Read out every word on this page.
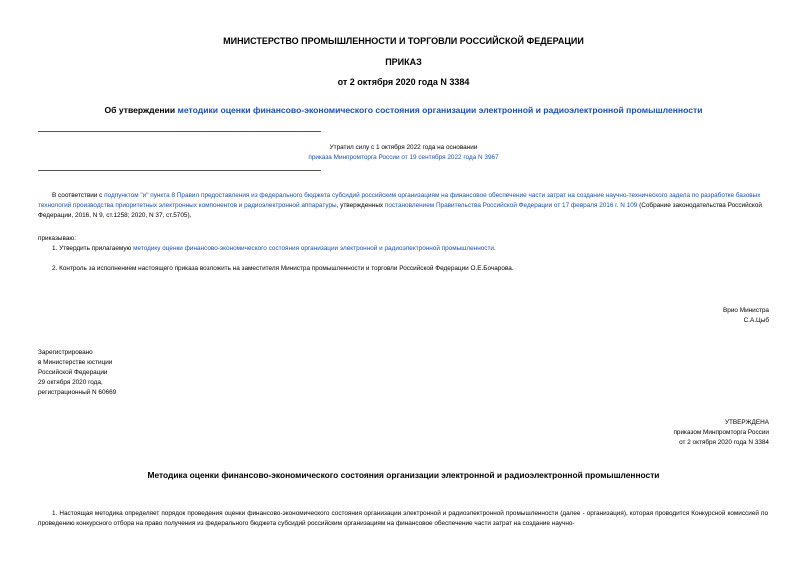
МИНИСТЕРСТВО ПРОМЫШЛЕННОСТИ И ТОРГОВЛИ РОССИЙСКОЙ ФЕДЕРАЦИИ
ПРИКАЗ
от 2 октября 2020 года N 3384
Об утверждении методики оценки финансово-экономического состояния организации электронной и радиоэлектронной промышленности
Утратил силу с 1 октября 2022 года на основании
приказа Минпромторга России от 19 сентября 2022 года N 3967
В соответствии с подпунктом "и" пункта 8 Правил предоставления из федерального бюджета субсидий российским организациям на финансовое обеспечение части затрат на создание научно-технического задела по разработке базовых технологий производства приоритетных электронных компонентов и радиоэлектронной аппаратуры, утвержденных постановлением Правительства Российской Федерации от 17 февраля 2016 г. N 109 (Собрание законодательства Российской Федерации, 2016, N 9, ст.1258; 2020, N 37, ст.5705),
приказываю:
1. Утвердить прилагаемую методику оценки финансово-экономического состояния организации электронной и радиоэлектронной промышленности.
2. Контроль за исполнением настоящего приказа возложить на заместителя Министра промышленности и торговли Российской Федерации О.Е.Бочарова.
Врио Министра
С.А.Цыб
Зарегистрировано
в Министерстве юстиции
Российской Федерации
29 октября 2020 года,
регистрационный N 60669
УТВЕРЖДЕНА
приказом Минпромторга России
от 2 октября 2020 года N 3384
Методика оценки финансово-экономического состояния организации электронной и радиоэлектронной промышленности
1. Настоящая методика определяет порядок проведения оценки финансово-экономического состояния организации электронной и радиоэлектронной промышленности (далее - организация), которая проводится Конкурсной комиссией по проведению конкурсного отбора на право получения из федерального бюджета субсидий российским организациям на финансовое обеспечение части затрат на создание научно-
